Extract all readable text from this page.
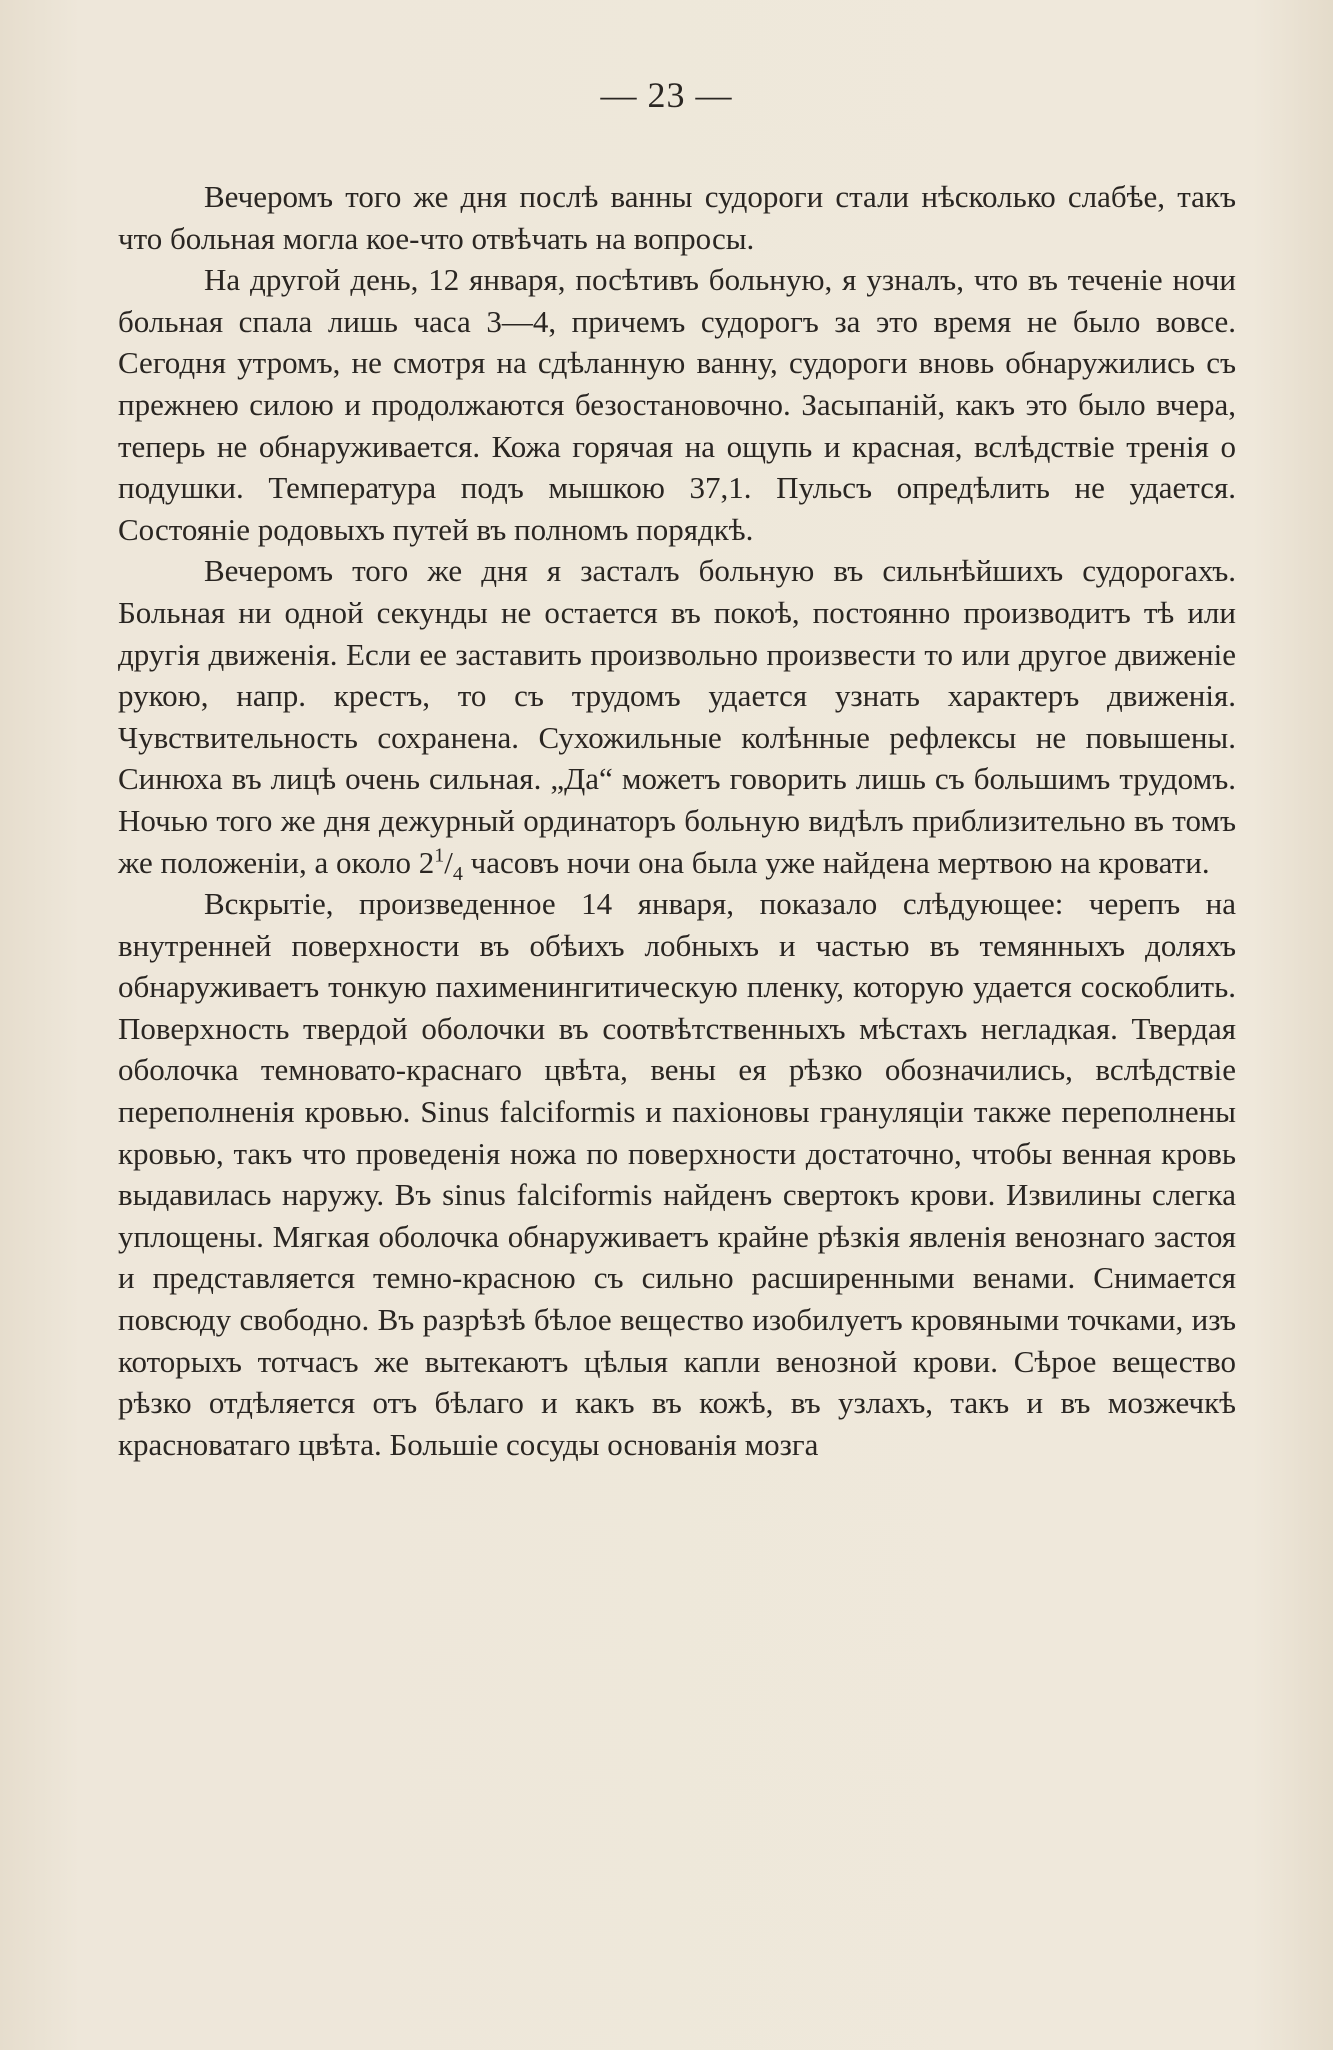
— 23 —

Вечеромъ того же дня послѣ ванны судороги стали нѣсколько слабѣе, такъ что больная могла кое-что отвѣчать на вопросы.

На другой день, 12 января, посѣтивъ больную, я узналъ, что въ теченіе ночи больная спала лишь часа 3—4, причемъ судорогъ за это время не было вовсе. Сегодня утромъ, не смотря на сдѣланную ванну, судороги вновь обнаружились съ прежнею силою и продолжаются безостановочно. Засыпаній, какъ это было вчера, теперь не обнаруживается. Кожа горячая на ощупь и красная, вслѣдствіе тренія о подушки. Температура подъ мышкою 37,1. Пульсъ опредѣлить не удается. Состояніе родовыхъ путей въ полномъ порядкѣ.

Вечеромъ того же дня я засталъ больную въ сильнѣйшихъ судорогахъ. Больная ни одной секунды не остается въ покоѣ, постоянно производитъ тѣ или другія движенія. Если ее заставить произвольно произвести то или другое движеніе рукою, напр. крестъ, то съ трудомъ удается узнать характеръ движенія. Чувствительность сохранена. Сухожильные колѣнные рефлексы не повышены. Синюха въ лицѣ очень сильная. „Да“ можетъ говорить лишь съ большимъ трудомъ. Ночью того же дня дежурный ординаторъ больную видѣлъ приблизительно въ томъ же положеніи, а около $2^1/_4$ часовъ ночи она была уже найдена мертвою на кровати.

Вскрытіе, произведенное 14 января, показало слѣдующее: черепъ на внутренней поверхности въ обѣихъ лобныхъ и частью въ темянныхъ доляхъ обнаруживаетъ тонкую пахименингитическую пленку, которую удается соскоблить. Поверхность твердой оболочки въ соотвѣтственныхъ мѣстахъ негладкая. Твердая оболочка темновато-краснаго цвѣта, вены ея рѣзко обозначились, вслѣдствіе переполненія кровью. Sinus falciformis и пахіоновы грануляціи также переполнены кровью, такъ что проведенія ножа по поверхности достаточно, чтобы венная кровь выдавилась наружу. Въ sinus falciformis найденъ свертокъ крови. Извилины слегка уплощены. Мягкая оболочка обнаруживаетъ крайне рѣзкія явленія венознаго застоя и представляется темно-красною съ сильно расширенными венами. Снимается повсюду свободно. Въ разрѣзѣ бѣлое вещество изобилуетъ кровяными точками, изъ которыхъ тотчасъ же вытекаютъ цѣлыя капли венозной крови. Сѣрое вещество рѣзко отдѣляется отъ бѣлаго и какъ въ кожѣ, въ узлахъ, такъ и въ мозжечкѣ красноватаго цвѣта. Большіе сосуды основанія мозга
